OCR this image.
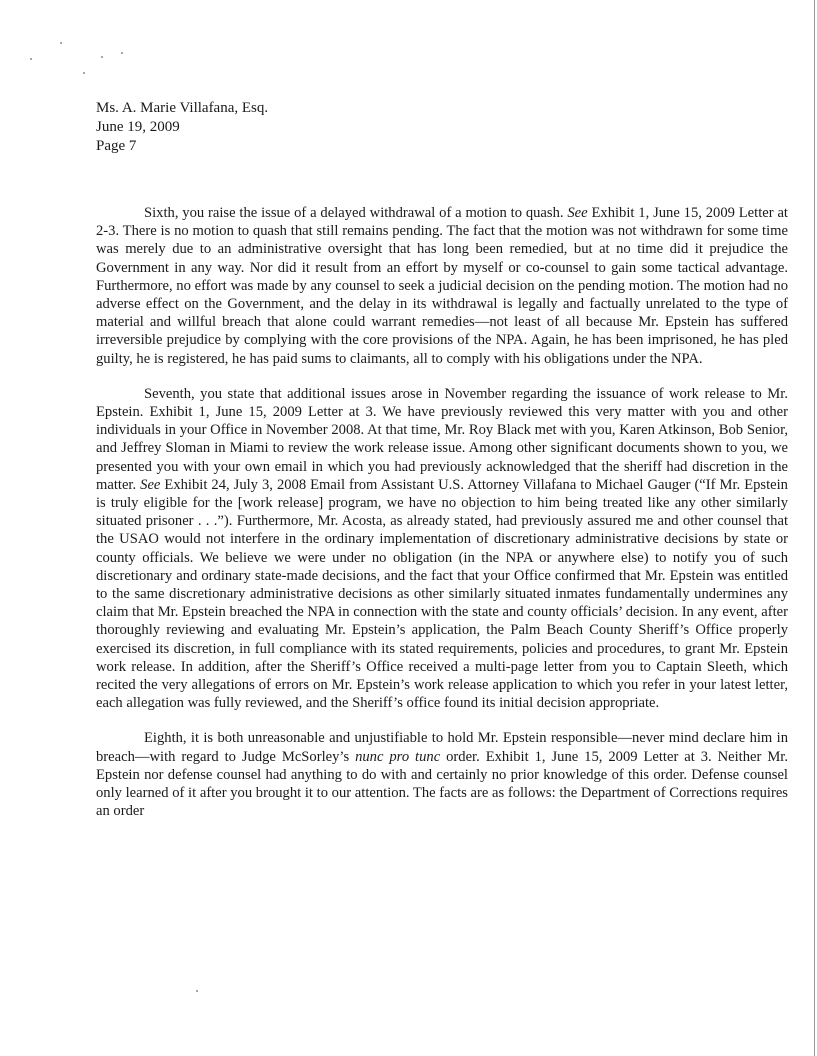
Ms. A. Marie Villafana, Esq.
June 19, 2009
Page 7

Sixth, you raise the issue of a delayed withdrawal of a motion to quash. See Exhibit 1, June 15, 2009 Letter at 2-3. There is no motion to quash that still remains pending. The fact that the motion was not withdrawn for some time was merely due to an administrative oversight that has long been remedied, but at no time did it prejudice the Government in any way. Nor did it result from an effort by myself or co-counsel to gain some tactical advantage. Furthermore, no effort was made by any counsel to seek a judicial decision on the pending motion. The motion had no adverse effect on the Government, and the delay in its withdrawal is legally and factually unrelated to the type of material and willful breach that alone could warrant remedies—not least of all because Mr. Epstein has suffered irreversible prejudice by complying with the core provisions of the NPA. Again, he has been imprisoned, he has pled guilty, he is registered, he has paid sums to claimants, all to comply with his obligations under the NPA.

Seventh, you state that additional issues arose in November regarding the issuance of work release to Mr. Epstein. Exhibit 1, June 15, 2009 Letter at 3. We have previously reviewed this very matter with you and other individuals in your Office in November 2008. At that time, Mr. Roy Black met with you, Karen Atkinson, Bob Senior, and Jeffrey Sloman in Miami to review the work release issue. Among other significant documents shown to you, we presented you with your own email in which you had previously acknowledged that the sheriff had discretion in the matter. See Exhibit 24, July 3, 2008 Email from Assistant U.S. Attorney Villafana to Michael Gauger (“If Mr. Epstein is truly eligible for the [work release] program, we have no objection to him being treated like any other similarly situated prisoner . . .”). Furthermore, Mr. Acosta, as already stated, had previously assured me and other counsel that the USAO would not interfere in the ordinary implementation of discretionary administrative decisions by state or county officials. We believe we were under no obligation (in the NPA or anywhere else) to notify you of such discretionary and ordinary state-made decisions, and the fact that your Office confirmed that Mr. Epstein was entitled to the same discretionary administrative decisions as other similarly situated inmates fundamentally undermines any claim that Mr. Epstein breached the NPA in connection with the state and county officials’ decision. In any event, after thoroughly reviewing and evaluating Mr. Epstein’s application, the Palm Beach County Sheriff’s Office properly exercised its discretion, in full compliance with its stated requirements, policies and procedures, to grant Mr. Epstein work release. In addition, after the Sheriff’s Office received a multi-page letter from you to Captain Sleeth, which recited the very allegations of errors on Mr. Epstein’s work release application to which you refer in your latest letter, each allegation was fully reviewed, and the Sheriff’s office found its initial decision appropriate.

Eighth, it is both unreasonable and unjustifiable to hold Mr. Epstein responsible—never mind declare him in breach—with regard to Judge McSorley’s nunc pro tunc order. Exhibit 1, June 15, 2009 Letter at 3. Neither Mr. Epstein nor defense counsel had anything to do with and certainly no prior knowledge of this order. Defense counsel only learned of it after you brought it to our attention. The facts are as follows: the Department of Corrections requires an order
